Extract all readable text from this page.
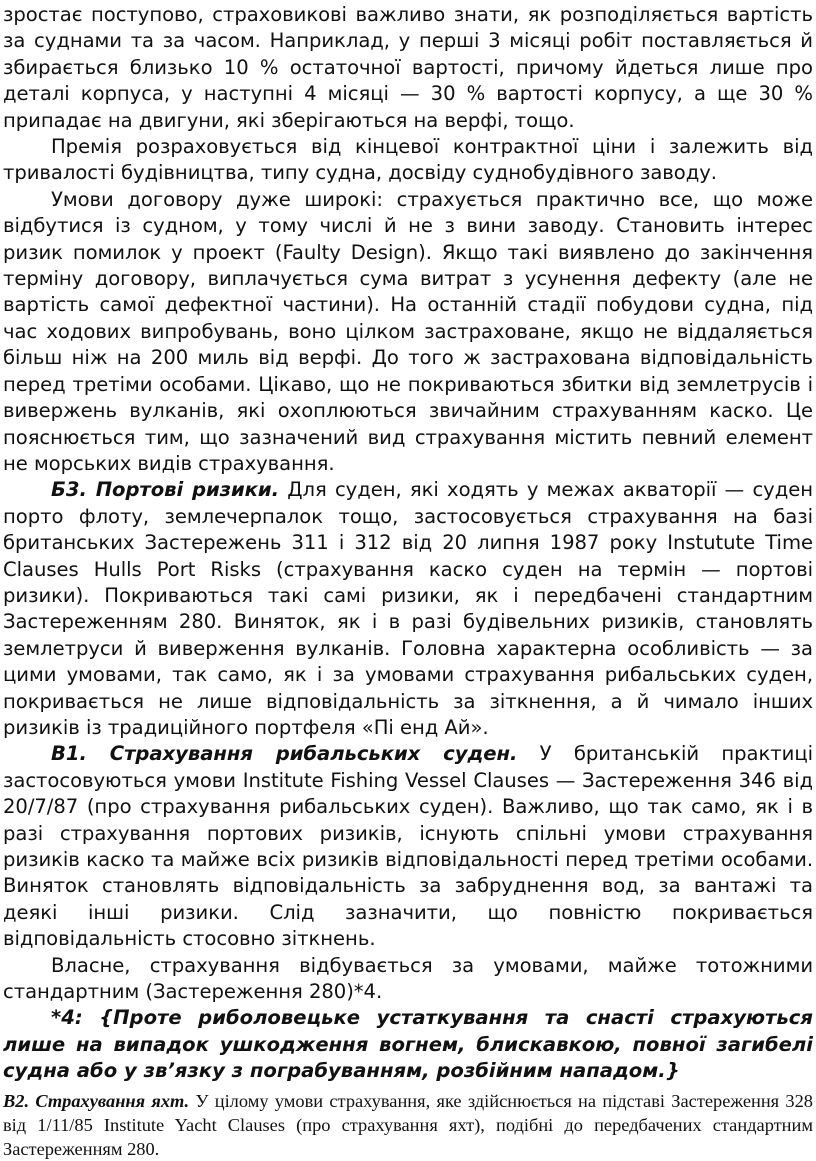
зростає поступово, страховикові важливо знати, як розподіляється вартість за суднами та за часом. Наприклад, у перші 3 місяці робіт поставляється й збирається близько 10 % остаточної вартості, причому йдеться лише про деталі корпуса, у наступні 4 місяці — 30 % вартості корпусу, а ще 30 % припадає на двигуни, які зберігаються на верфі, тощо.

Премія розраховується від кінцевої контрактної ціни і залежить від тривалості будівництва, типу судна, досвіду суднобудівного заводу.

Умови договору дуже широкі: страхується практично все, що може відбутися із судном, у тому числі й не з вини заводу. Становить інтерес ризик помилок у проект (Faulty Design). Якщо такі виявлено до закінчення терміну договору, виплачується сума витрат з усунення дефекту (але не вартість самої дефектної частини). На останній стадії побудови судна, під час ходових випробувань, воно цілком застраховане, якщо не віддаляється більш ніж на 200 миль від верфі. До того ж застрахована відповідальність перед третіми особами. Цікаво, що не покриваються збитки від землетрусів і вивержень вулканів, які охоплюються звичайним страхуванням каско. Це пояснюється тим, що зазначений вид страхування містить певний елемент не морських видів страхування.

Б3. Портові ризики. Для суден, які ходять у межах акваторії — суден порто флоту, землечерпалок тощо, застосовується страхування на базі британських Застережень 311 і 312 від 20 липня 1987 року Instutute Time Clauses Hulls Port Risks (страхування каско суден на термін — портові ризики). Покриваються такі самі ризики, як і передбачені стандартним Застереженням 280. Виняток, як і в разі будівельних ризиків, становлять землетруси й виверження вулканів. Головна характерна особливість — за цими умовами, так само, як і за умовами страхування рибальських суден, покривається не лише відповідальність за зіткнення, а й чимало інших ризиків із традиційного портфеля «Пі енд Ай».

В1. Страхування рибальських суден. У британській практиці застосовуються умови Institute Fishing Vessel Clauses — Застереження 346 від 20/7/87 (про страхування рибальських суден). Важливо, що так само, як і в разі страхування портових ризиків, існують спільні умови страхування ризиків каско та майже всіх ризиків відповідальності перед третіми особами. Виняток становлять відповідальність за забруднення вод, за вантажі та деякі інші ризики. Слід зазначити, що повністю покривається відповідальність стосовно зіткнень.

Власне, страхування відбувається за умовами, майже тотожними стандартним (Застереження 280)*4.

*4: {Проте риболовецьке устаткування та снасті страхуються лише на випадок ушкодження вогнем, блискавкою, повної загибелі судна або у зв’язку з пограбуванням, розбійним нападом.}

В2. Страхування яхт. У цілому умови страхування, яке здійснюється на підставі Застереження 328 від 1/11/85 Institute Yacht Clauses (про страхування яхт), подібні до передбачених стандартним Застереженням 280.
